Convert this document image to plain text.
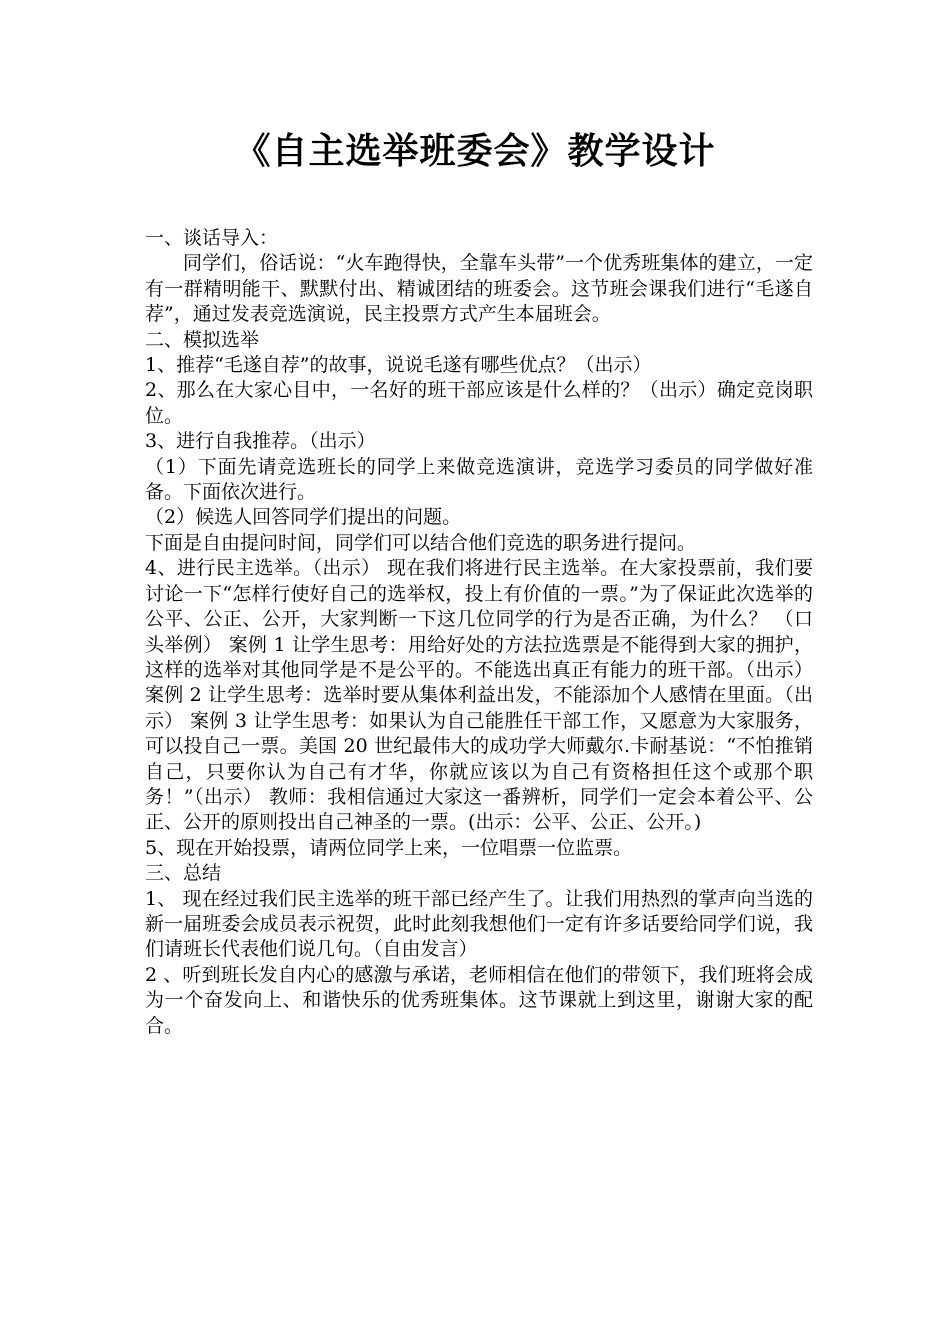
《自主选举班委会》教学设计

一、谈话导入：

同学们，俗话说：“火车跑得快，全靠车头带”一个优秀班集体的建立，一定有一群精明能干、默默付出、精诚团结的班委会。这节班会课我们进行“毛遂自荐”，通过发表竞选演说，民主投票方式产生本届班会。

二、模拟选举

1、推荐“毛遂自荐”的故事，说说毛遂有哪些优点？（出示）

2、那么在大家心目中，一名好的班干部应该是什么样的？（出示）确定竞岗职位。

3、进行自我推荐。（出示）

（1）下面先请竞选班长的同学上来做竞选演讲，竞选学习委员的同学做好准备。下面依次进行。

（2）候选人回答同学们提出的问题。

下面是自由提问时间，同学们可以结合他们竞选的职务进行提问。

4、进行民主选举。（出示） 现在我们将进行民主选举。在大家投票前，我们要讨论一下“怎样行使好自己的选举权，投上有价值的一票。”为了保证此次选举的公平、公正、公开，大家判断一下这几位同学的行为是否正确，为什么？ （口头举例） 案例 1 让学生思考：用给好处的方法拉选票是不能得到大家的拥护，这样的选举对其他同学是不是公平的。不能选出真正有能力的班干部。（出示） 案例 2 让学生思考：选举时要从集体利益出发，不能添加个人感情在里面。（出示） 案例 3 让学生思考：如果认为自己能胜任干部工作，又愿意为大家服务，可以投自己一票。美国 20 世纪最伟大的成功学大师戴尔.卡耐基说：“不怕推销自己，只要你认为自己有才华，你就应该以为自己有资格担任这个或那个职务！”（出示） 教师：我相信通过大家这一番辨析，同学们一定会本着公平、公正、公开的原则投出自己神圣的一票。(出示：公平、公正、公开。)

5、现在开始投票，请两位同学上来，一位唱票一位监票。

三、总结

1、 现在经过我们民主选举的班干部已经产生了。让我们用热烈的掌声向当选的新一届班委会成员表示祝贺，此时此刻我想他们一定有许多话要给同学们说，我们请班长代表他们说几句。（自由发言）

2 、听到班长发自内心的感激与承诺，老师相信在他们的带领下，我们班将会成为一个奋发向上、和谐快乐的优秀班集体。这节课就上到这里，谢谢大家的配合。
